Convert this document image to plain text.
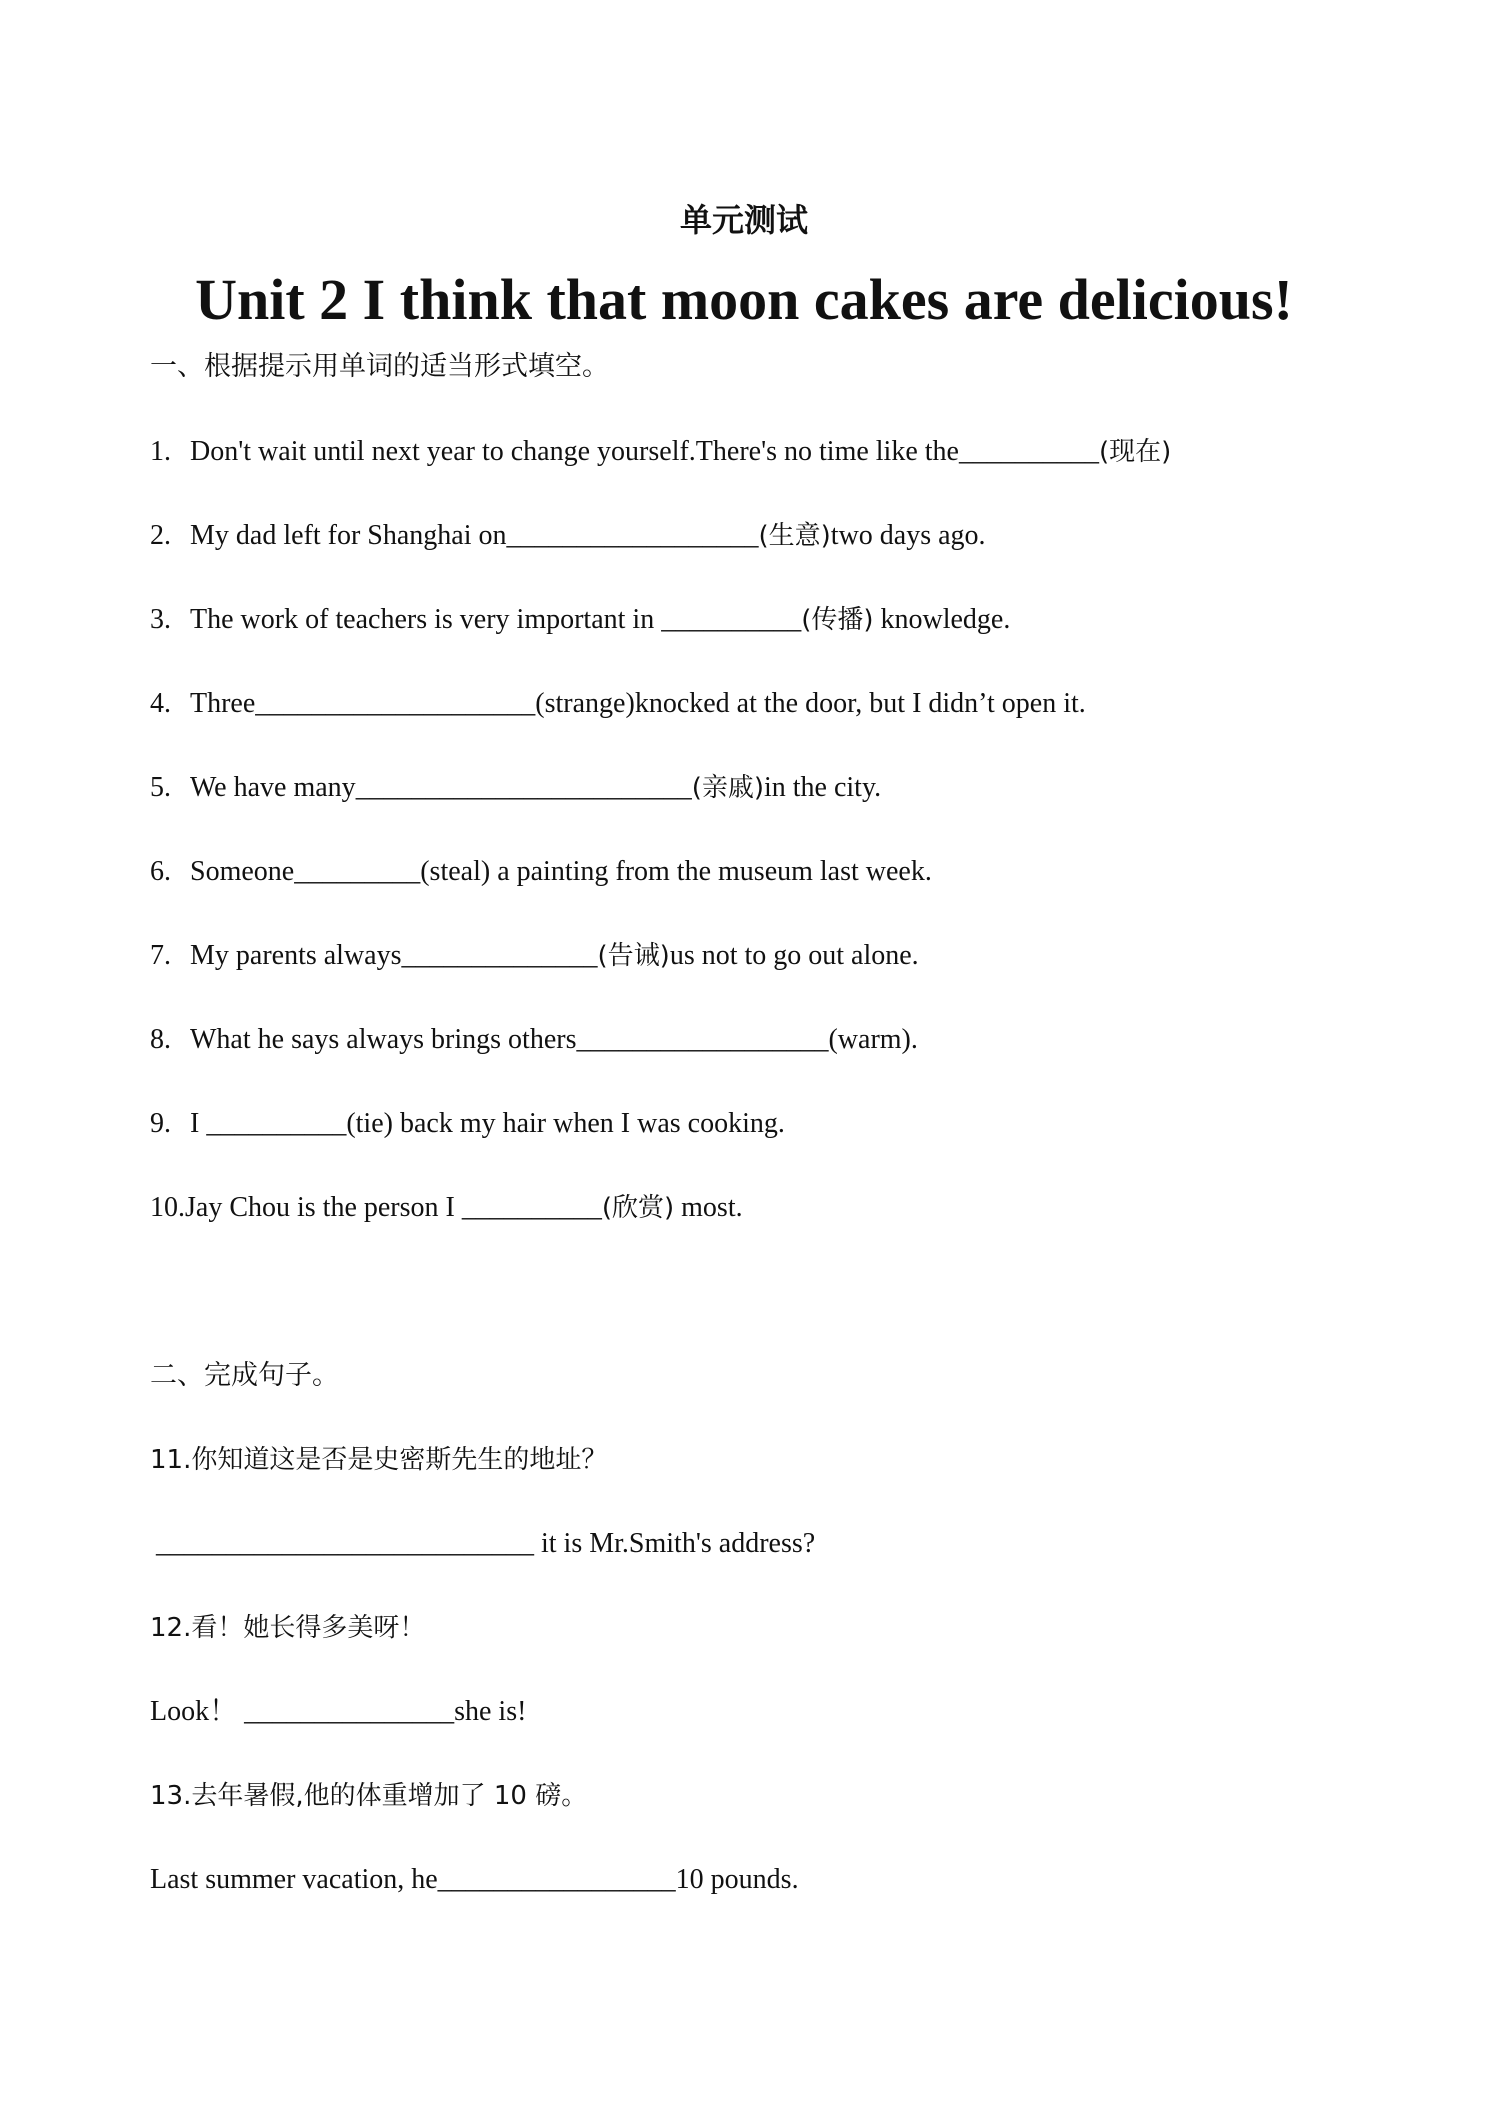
单元测试
Unit 2 I think that moon cakes are delicious!
一、根据提示用单词的适当形式填空。
1. Don't wait until next year to change yourself.There's no time like the__________(现在)
2. My dad left for Shanghai on__________________(生意)two days ago.
3. The work of teachers is very important in __________(传播) knowledge.
4. Three____________________(strange)knocked at the door, but I didn’t open it.
5. We have many________________________(亲戚)in the city.
6. Someone_________(steal) a painting from the museum last week.
7. My parents always______________(告诫)us not to go out alone.
8. What he says always brings others__________________(warm).
9. I __________(tie) back my hair when I was cooking.
10.Jay Chou is the person I __________(欣赏) most.
二、完成句子。
11.你知道这是否是史密斯先生的地址？
___________________________ it is Mr.Smith's address?
12.看！她长得多美呀！
Look！ _______________she is!
13.去年暑假,他的体重增加了 10 磅。
Last summer vacation, he_________________10 pounds.
